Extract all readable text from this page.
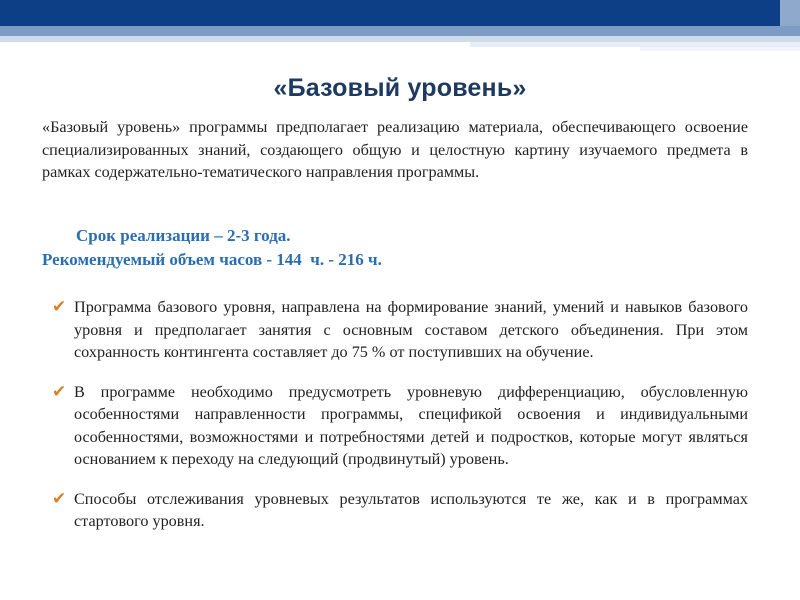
«Базовый уровень»
«Базовый уровень» программы предполагает реализацию материала, обеспечивающего освоение специализированных знаний, создающего общую и целостную картину изучаемого предмета в рамках содержательно-тематического направления программы.
Срок реализации – 2-3 года.
Рекомендуемый объем часов - 144  ч. - 216 ч.
✔ Программа базового уровня, направлена на формирование знаний, умений и навыков базового уровня и предполагает занятия с основным составом детского объединения. При этом сохранность контингента составляет до 75 % от поступивших на обучение.
✔ В программе необходимо предусмотреть уровневую дифференциацию, обусловленную особенностями направленности программы, спецификой освоения и индивидуальными особенностями, возможностями и потребностями детей и подростков, которые могут являться основанием к переходу на следующий (продвинутый) уровень.
✔ Способы отслеживания уровневых результатов используются те же, как и в программах стартового уровня.
